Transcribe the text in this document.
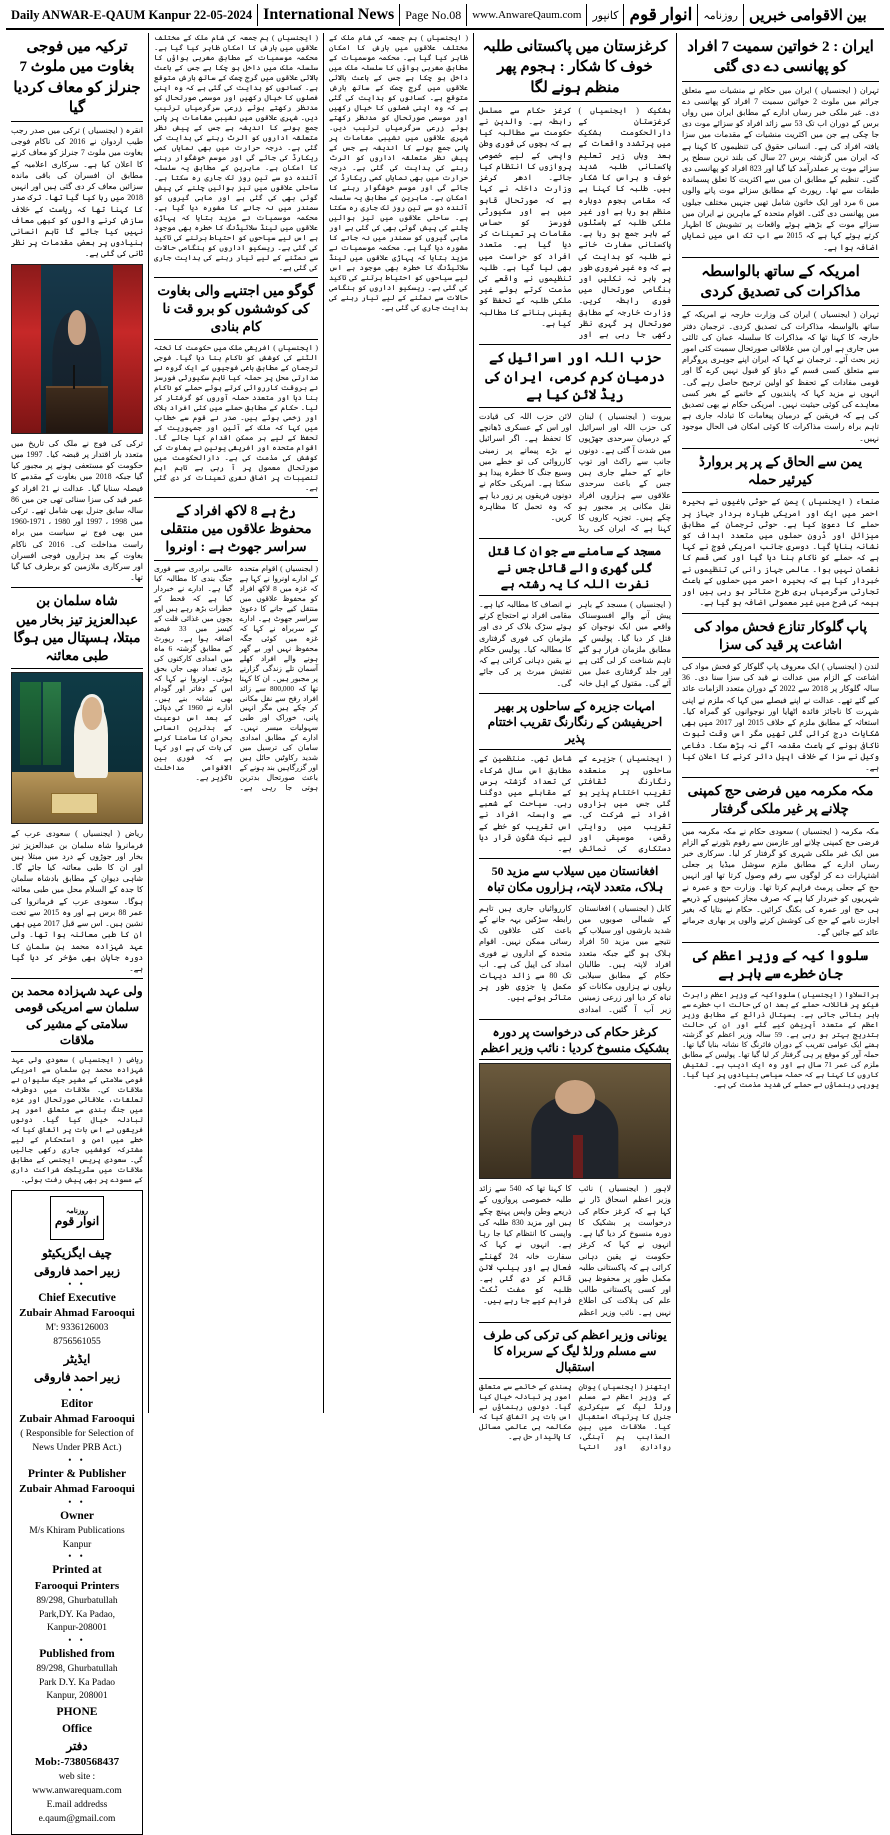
Daily ANWAR-E-QAUM Kanpur 22-05-2024 International News Page No.08	www.AnwareQaum.com	کانپور انوار قوم	روزنامہ بین الاقوامی خبریں
ایران : 2 خواتین سمیت 7 افراد کو پھانسی دے دی گئی
تہران ( ایجنسیاں ) ایران میں حکام نے منشیات سے متعلق جرائم میں ملوث 2 خواتین سمیت 7 افراد کو پھانسی دے دی۔ غیر ملکی خبر رساں ادارے کے مطابق ایران میں رواں برس کے دوران اب تک 53 سے زائد افراد کو سزائے موت دی جا چکی ہے جن میں اکثریت منشیات کے مقدمات میں سزا یافتہ افراد کی ہے۔ انسانی حقوق کی تنظیموں کا کہنا ہے کہ ایران میں گزشتہ برس 27 سال کی بلند ترین سطح پر سزائے موت پر عملدرآمد کیا گیا اور 823 افراد کو پھانسی دی گئی۔ تنظیم کے مطابق ان میں سے اکثریت کا تعلق پسماندہ طبقات سے تھا۔ رپورٹ کے مطابق سزائے موت پانے والوں میں 6 مرد اور ایک خاتون شامل تھیں جنہیں مختلف جیلوں میں پھانسی دی گئی۔ اقوام متحدہ کے ماہرین نے ایران میں سزائے موت کے بڑھتے ہوئے واقعات پر تشویش کا اظہار کرتے ہوئے کہا ہے کہ 2015 سے اب تک اس میں نمایاں اضافہ ہوا ہے۔
امریکہ کے ساتھ بالواسطہ مذاکرات کی تصدیق کردی
تہران ( ایجنسیاں ) ایران کی وزارت خارجہ نے امریکہ کے ساتھ بالواسطہ مذاکرات کی تصدیق کردی۔ ترجمان دفتر خارجہ کا کہنا تھا کہ مذاکرات کا سلسلہ عمان کی ثالثی میں جاری ہے اور ان میں علاقائی صورتحال سمیت کئی امور زیر بحث آئے۔ ترجمان نے کہا کہ ایران اپنے جوہری پروگرام سے متعلق کسی قسم کے دباؤ کو قبول نہیں کرے گا اور قومی مفادات کے تحفظ کو اولین ترجیح حاصل رہے گی۔ انہوں نے مزید کہا کہ پابندیوں کے خاتمے کے بغیر کسی معاہدے کی کوئی حیثیت نہیں۔ امریکی حکام نے بھی تصدیق کی ہے کہ فریقین کے درمیان پیغامات کا تبادلہ جاری ہے تاہم براہ راست مذاکرات کا کوئی امکان فی الحال موجود نہیں۔
یمن سے الحاق کے پر پر بروارڈ کیرئیر حملہ
صنعاء ( ایجنسیاں ) یمن کے حوثی باغیوں نے بحیرہ احمر میں ایک اور امریکی طیارہ بردار جہاز پر حملے کا دعویٰ کیا ہے۔ حوثی ترجمان کے مطابق میزائل اور ڈرون حملوں میں متعدد اہداف کو نشانہ بنایا گیا۔ دوسری جانب امریکی فوج نے کہا ہے کہ حملے کو ناکام بنا دیا گیا اور کسی قسم کا نقصان نہیں ہوا۔ عالمی جہاز رانی کی تنظیموں نے خبردار کیا ہے کہ بحیرہ احمر میں حملوں کے باعث تجارتی سرگرمیاں بری طرح متاثر ہو رہی ہیں اور بیمہ کی شرح میں غیر معمولی اضافہ ہو گیا ہے۔
پاپ گلوکار تنازع فحش مواد کی اشاعت پر قید کی سزا
لندن ( ایجنسیاں ) ایک معروف پاپ گلوکار کو فحش مواد کی اشاعت کے الزام میں عدالت نے قید کی سزا سنا دی۔ 36 سالہ گلوکار پر 2018 سے 2022 کے دوران متعدد الزامات عائد کیے گئے تھے۔ عدالت نے اپنے فیصلے میں کہا کہ ملزم نے اپنی شہرت کا ناجائز فائدہ اٹھایا اور نوجوانوں کو گمراہ کیا۔ استغاثہ کے مطابق ملزم کے خلاف 2015 اور 2017 میں بھی شکایات درج کرائی گئی تھیں مگر اس وقت ثبوت ناکافی ہونے کے باعث مقدمہ آگے نہ بڑھ سکا۔ دفاعی وکیل نے سزا کے خلاف اپیل دائر کرنے کا اعلان کیا ہے۔
مکہ مکرمہ میں فرضی حج کمپنی چلانے پر غیر ملکی گرفتار
مکہ مکرمہ ( ایجنسیاں ) سعودی حکام نے مکہ مکرمہ میں فرضی حج کمپنی چلانے اور عازمین سے رقوم بٹورنے کے الزام میں ایک غیر ملکی شہری کو گرفتار کر لیا۔ سرکاری خبر رساں ادارے کے مطابق ملزم سوشل میڈیا پر جعلی اشتہارات دے کر لوگوں سے رقم وصول کرتا تھا اور انہیں حج کے جعلی پرمٹ فراہم کرتا تھا۔ وزارت حج و عمرہ نے شہریوں کو خبردار کیا ہے کہ صرف مجاز کمپنیوں کے ذریعے ہی حج اور عمرہ کی بکنگ کرائیں۔ حکام نے بتایا کہ بغیر اجازت نامے کے حج کی کوشش کرنے والوں پر بھاری جرمانے عائد کیے جائیں گے۔
سلووا کیہ کے وزیر اعظم کی جان خطرے سے باہر ہے
براتسلاوا ( ایجنسیاں ) سلوواکیہ کے وزیر اعظم رابرٹ فیکو پر قاتلانہ حملے کے بعد ان کی حالت اب خطرے سے باہر بتائی جاتی ہے۔ ہسپتال ذرائع کے مطابق وزیر اعظم کے متعدد آپریشن کیے گئے اور ان کی حالت بتدریج بہتر ہو رہی ہے۔ 59 سالہ وزیر اعظم کو گزشتہ ہفتے ایک عوامی تقریب کے دوران فائرنگ کا نشانہ بنایا گیا تھا۔ حملہ آور کو موقع پر ہی گرفتار کر لیا گیا تھا۔ پولیس کے مطابق ملزم کی عمر 71 سال ہے اور وہ ایک ادیب ہے۔ تفتیش کاروں کا کہنا ہے کہ حملہ سیاسی بنیادوں پر کیا گیا۔ یورپی رہنماؤں نے حملے کی شدید مذمت کی ہے۔
کرغزستان میں پاکستانی طلبہ خوف کا شکار : ہجوم پھر منظم ہونے لگا
بشکیک ( ایجنسیاں ) کرغزستان کے دارالحکومت بشکیک میں پرتشدد واقعات کے بعد وہاں زیر تعلیم پاکستانی طلبہ شدید خوف و ہراس کا شکار ہیں۔ طلبہ کا کہنا ہے کہ مقامی ہجوم دوبارہ منظم ہو رہا ہے اور غیر ملکی طلبہ کے ہاسٹلوں کے باہر جمع ہو رہا ہے۔ پاکستانی سفارت خانے نے طلبہ کو ہدایت کی ہے کہ وہ غیر ضروری طور پر باہر نہ نکلیں اور ہنگامی صورتحال میں فوری رابطہ کریں۔ وزارت خارجہ کے مطابق صورتحال پر گہری نظر رکھی جا رہی ہے اور کرغز حکام سے مسلسل رابطہ ہے۔ والدین نے حکومت سے مطالبہ کیا ہے کہ بچوں کی فوری وطن واپسی کے لیے خصوصی پروازوں کا انتظام کیا جائے۔ ادھر کرغز وزارت داخلہ نے کہا ہے کہ صورتحال قابو میں ہے اور سکیورٹی فورسز کو حساس مقامات پر تعینات کر دیا گیا ہے۔ متعدد افراد کو حراست میں بھی لیا گیا ہے۔ طلبہ تنظیموں نے واقعے کی مذمت کرتے ہوئے غیر ملکی طلبہ کے تحفظ کو یقینی بنانے کا مطالبہ کیا ہے۔
حزب اللہ اور اسرائیل کے درمیان کرم کرمی، ایران کی ریڈ لائن کیا ہے
بیروت ( ایجنسیاں ) لبنان کی حزب اللہ اور اسرائیل کے درمیان سرحدی جھڑپوں میں شدت آ گئی ہے۔ دونوں جانب سے راکٹ اور توپ خانے کے حملے جاری ہیں جس کے باعث سرحدی علاقوں سے ہزاروں افراد نقل مکانی پر مجبور ہو چکے ہیں۔ تجزیہ کاروں کا کہنا ہے کہ ایران کی ریڈ لائن حزب اللہ کی قیادت اور اس کے عسکری ڈھانچے کا تحفظ ہے۔ اگر اسرائیل نے بڑے پیمانے پر زمینی کارروائی کی تو خطے میں وسیع جنگ کا خطرہ پیدا ہو سکتا ہے۔ امریکی حکام نے دونوں فریقوں پر زور دیا ہے کہ وہ تحمل کا مظاہرہ کریں۔
مسجد کے سامنے سے جوان کا قتل گلی گھری والے قاتل جس نے نفرت اللہ کا یہ رشتہ ہے
( ایجنسیاں ) مسجد کے باہر پیش آنے والے افسوسناک واقعے میں ایک نوجوان کو قتل کر دیا گیا۔ پولیس کے مطابق ملزمان فرار ہو گئے تاہم شناخت کر لی گئی ہے اور جلد گرفتاری عمل میں آئے گی۔ مقتول کے اہل خانہ نے انصاف کا مطالبہ کیا ہے۔ مقامی افراد نے احتجاج کرتے ہوئے سڑک بلاک کر دی اور ملزمان کی فوری گرفتاری کا مطالبہ کیا۔ پولیس حکام نے یقین دہانی کرائی ہے کہ تفتیش میرٹ پر کی جائے گی۔
امہات جزیرہ کے ساحلوں پر بھیر احریفیشن کے رنگارنگ تقریب اختتام پذیر
( ایجنسیاں ) جزیرے کے ساحلوں پر منعقدہ رنگارنگ ثقافتی تقریب اختتام پذیر ہو گئی جس میں ہزاروں افراد نے شرکت کی۔ تقریب میں روایتی رقص، موسیقی اور دستکاری کی نمائش شامل تھی۔ منتظمین کے مطابق اس سال شرکاء کی تعداد گزشتہ برس کے مقابلے میں دوگنا رہی۔ سیاحت کے شعبے سے وابستہ افراد نے اس تقریب کو خطے کے لیے نیک شگون قرار دیا ہے۔
افغانستان میں سیلاب سے مزید 50 ہلاک، متعدد لاپتہ، ہزاروں مکان تباہ
کابل ( ایجنسیاں ) افغانستان کے شمالی صوبوں میں شدید بارشوں اور سیلاب کے نتیجے میں مزید 50 افراد ہلاک ہو گئے جبکہ متعدد افراد لاپتہ ہیں۔ طالبان حکام کے مطابق سیلابی ریلوں نے ہزاروں مکانات کو تباہ کر دیا اور زرعی زمینیں زیر آب آ گئیں۔ امدادی کارروائیاں جاری ہیں تاہم رابطہ سڑکیں بہہ جانے کے باعث کئی علاقوں تک رسائی ممکن نہیں۔ اقوام متحدہ کے اداروں نے فوری امداد کی اپیل کی ہے۔ اب تک 80 سے زائد دیہات مکمل یا جزوی طور پر متاثر ہوئے ہیں۔
کرغز حکام کی درخواست پر دورہ بشکیک منسوخ کردیا : نائب وزیر اعظم
لاہور ( ایجنسیاں ) نائب وزیر اعظم اسحاق ڈار نے کہا ہے کہ کرغز حکام کی درخواست پر بشکیک کا دورہ منسوخ کر دیا گیا ہے۔ انہوں نے کہا کہ کرغز حکومت نے یقین دہانی کرائی ہے کہ پاکستانی طلبہ مکمل طور پر محفوظ ہیں اور کسی پاکستانی طالب علم کی ہلاکت کی اطلاع نہیں ہے۔ نائب وزیر اعظم کا کہنا تھا کہ 540 سے زائد طلبہ خصوصی پروازوں کے ذریعے وطن واپس پہنچ چکے ہیں اور مزید 830 طلبہ کی واپسی کا انتظام کیا جا رہا ہے۔ انہوں نے کہا کہ سفارت خانہ 24 گھنٹے فعال ہے اور ہیلپ لائن قائم کر دی گئی ہے۔ طلبہ کو مفت ٹکٹ فراہم کیے جا رہے ہیں۔
یونانی وزیر اعظم کی ترکی کی طرف سے مسلم ورلڈ لیگ کے سربراہ کا استقبال
ایتھنز ( ایجنسیاں ) یونان کے وزیر اعظم نے مسلم ورلڈ لیگ کے سیکرٹری جنرل کا پرتپاک استقبال کیا۔ ملاقات میں بین المذاہب ہم آہنگی، رواداری اور انتہا پسندی کے خاتمے سے متعلق امور پر تبادلہ خیال کیا گیا۔ دونوں رہنماؤں نے اس بات پر اتفاق کیا کہ مکالمہ ہی عالمی مسائل کا پائیدار حل ہے۔
( ایجنسیاں ) ہم جمعہ کی شام ملک کے مختلف علاقوں میں بارش کا امکان ظاہر کیا گیا ہے۔ محکمہ موسمیات کے مطابق مغربی ہواؤں کا سلسلہ ملک میں داخل ہو چکا ہے جس کے باعث بالائی علاقوں میں گرج چمک کے ساتھ بارش متوقع ہے۔ کسانوں کو ہدایت کی گئی ہے کہ وہ اپنی فصلوں کا خیال رکھیں اور موسمی صورتحال کو مدنظر رکھتے ہوئے زرعی سرگرمیاں ترتیب دیں۔ شہری علاقوں میں نشیبی مقامات پر پانی جمع ہونے کا اندیشہ ہے جس کے پیش نظر متعلقہ اداروں کو الرٹ رہنے کی ہدایت کی گئی ہے۔ درجہ حرارت میں بھی نمایاں کمی ریکارڈ کی جائے گی اور موسم خوشگوار رہنے کا امکان ہے۔ ماہرین کے مطابق یہ سلسلہ آئندہ دو سے تین روز تک جاری رہ سکتا ہے۔ ساحلی علاقوں میں تیز ہوائیں چلنے کی پیش گوئی بھی کی گئی ہے اور ماہی گیروں کو سمندر میں نہ جانے کا مشورہ دیا گیا ہے۔ محکمہ موسمیات نے مزید بتایا کہ پہاڑی علاقوں میں لینڈ سلائیڈنگ کا خطرہ بھی موجود ہے اس لیے سیاحوں کو احتیاط برتنے کی تاکید کی گئی ہے۔ ریسکیو اداروں کو ہنگامی حالات سے نمٹنے کے لیے تیار رہنے کی ہدایت جاری کی گئی ہے۔
( ایجنسیاں ) ہم جمعہ کی شام ملک کے مختلف علاقوں میں بارش کا امکان ظاہر کیا گیا ہے۔ محکمہ موسمیات کے مطابق مغربی ہواؤں کا سلسلہ ملک میں داخل ہو چکا ہے جس کے باعث بالائی علاقوں میں گرج چمک کے ساتھ بارش متوقع ہے۔ کسانوں کو ہدایت کی گئی ہے کہ وہ اپنی فصلوں کا خیال رکھیں اور موسمی صورتحال کو مدنظر رکھتے ہوئے زرعی سرگرمیاں ترتیب دیں۔ شہری علاقوں میں نشیبی مقامات پر پانی جمع ہونے کا اندیشہ ہے جس کے پیش نظر متعلقہ اداروں کو الرٹ رہنے کی ہدایت کی گئی ہے۔ درجہ حرارت میں بھی نمایاں کمی ریکارڈ کی جائے گی اور موسم خوشگوار رہنے کا امکان ہے۔ ماہرین کے مطابق یہ سلسلہ آئندہ دو سے تین روز تک جاری رہ سکتا ہے۔ ساحلی علاقوں میں تیز ہوائیں چلنے کی پیش گوئی بھی کی گئی ہے اور ماہی گیروں کو سمندر میں نہ جانے کا مشورہ دیا گیا ہے۔ محکمہ موسمیات نے مزید بتایا کہ پہاڑی علاقوں میں لینڈ سلائیڈنگ کا خطرہ بھی موجود ہے اس لیے سیاحوں کو احتیاط برتنے کی تاکید کی گئی ہے۔ ریسکیو اداروں کو ہنگامی حالات سے نمٹنے کے لیے تیار رہنے کی ہدایت جاری کی گئی ہے۔
گوگو میں اجتنہے والی بغاوت کی کوششوں کو برو قت نا کام بنادی
( ایجنسیاں ) افریقی ملک میں حکومت کا تختہ الٹنے کی کوشش کو ناکام بنا دیا گیا۔ فوجی ترجمان کے مطابق باغی فوجیوں کے ایک گروہ نے صدارتی محل پر حملہ کیا تاہم سکیورٹی فورسز نے بروقت کارروائی کرتے ہوئے حملے کو ناکام بنا دیا اور متعدد حملہ آوروں کو گرفتار کر لیا۔ حکام کے مطابق حملے میں کئی افراد ہلاک اور زخمی ہوئے ہیں۔ صدر نے قوم سے خطاب میں کہا کہ ملک کے آئین اور جمہوریت کے تحفظ کے لیے ہر ممکن اقدام کیا جائے گا۔ اقوام متحدہ اور افریقی یونین نے بغاوت کی کوشش کی مذمت کی ہے۔ دارالحکومت میں صورتحال معمول پر آ رہی ہے تاہم اہم تنصیبات پر اضافی نفری تعینات کر دی گئی ہے۔
رخ ہے 8 لاکھ افراد کے محفوظ علاقوں میں منتقلی سراسر جھوٹ ہے : اونروا
( ایجنسیاں ) اقوام متحدہ کے ادارے اونروا نے کہا ہے کہ غزہ میں 8 لاکھ افراد کو محفوظ علاقوں میں منتقل کیے جانے کا دعویٰ سراسر جھوٹ ہے۔ ادارے کے سربراہ نے کہا کہ غزہ میں کوئی جگہ محفوظ نہیں اور بے گھر ہونے والے افراد کھلے آسمان تلے زندگی گزارنے پر مجبور ہیں۔ ان کا کہنا تھا کہ 800,000 سے زائد افراد رفح سے نقل مکانی کر چکے ہیں مگر انہیں پانی، خوراک اور طبی سہولیات میسر نہیں۔ ادارے کے مطابق امدادی سامان کی ترسیل میں شدید رکاوٹیں حائل ہیں اور گزرگاہیں بند ہونے کے باعث صورتحال بدترین ہوتی جا رہی ہے۔ عالمی برادری سے فوری جنگ بندی کا مطالبہ کیا گیا ہے۔ ادارے نے خبردار کیا ہے کہ قحط کے خطرات بڑھ رہے ہیں اور بچوں میں غذائی قلت کے کیسز میں 33 فیصد اضافہ ہوا ہے۔ رپورٹ کے مطابق گزشتہ 6 ماہ میں امدادی کارکنوں کی بڑی تعداد بھی جاں بحق ہوئی۔ اونروا نے کہا کہ اس کے دفاتر اور گودام بھی نشانہ بنے ہیں۔ ادارے نے 1960 کی دہائی کے بعد اس نوعیت کے بدترین انسانی بحران کا سامنا کرنے کی بات کی ہے اور کہا ہے کہ فوری بین الاقوامی مداخلت ناگزیر ہے۔
ترکیہ میں فوجی بغاوت میں ملوث 7 جنرلز کو معاف کردیا گیا
انقرہ ( ایجنسیاں ) ترکی میں صدر رجب طیب اردوان نے 2016 کی ناکام فوجی بغاوت میں ملوث 7 جنرلز کو معاف کرنے کا اعلان کیا ہے۔ سرکاری اعلامیہ کے مطابق ان افسران کی باقی ماندہ سزائیں معاف کر دی گئی ہیں اور انہیں 2018 میں رہا کیا گیا تھا۔ ترک صدر کا کہنا تھا کہ ریاست کے خلاف سازش کرنے والوں کو کبھی معاف نہیں کیا جائے گا تاہم انسانی بنیادوں پر بعض مقدمات پر نظر ثانی کی گئی ہے۔
ترکی کی فوج نے ملک کی تاریخ میں متعدد بار اقتدار پر قبضہ کیا۔ 1997 میں حکومت کو مستعفی ہونے پر مجبور کیا گیا جبکہ 2018 میں بغاوت کے مقدمے کا فیصلہ سنایا گیا۔ عدالت نے 21 افراد کو عمر قید کی سزا سنائی تھی جن میں 86 سالہ سابق جنرل بھی شامل تھے۔ ترکی میں 1998 ، 1997 اور 1980 ، 1971-1960 میں بھی فوج نے سیاست میں براہ راست مداخلت کی۔ 2016 کی ناکام بغاوت کے بعد ہزاروں فوجی افسران اور سرکاری ملازمین کو برطرف کیا گیا تھا۔
شاہ سلمان بن عبدالعزیز تیز بخار میں مبتلا، ہسپتال میں ہوگا طبی معائنہ
ریاض ( ایجنسیاں ) سعودی عرب کے فرمانروا شاہ سلمان بن عبدالعزیز تیز بخار اور جوڑوں کے درد میں مبتلا ہیں اور ان کا طبی معائنہ کیا جائے گا۔ شاہی دیوان کے مطابق بادشاہ سلمان کا جدہ کے السلام محل میں طبی معائنہ ہوگا۔ سعودی عرب کے فرمانروا کی عمر 88 برس ہے اور وہ 2015 سے تخت نشین ہیں۔ اس سے قبل 2017 میں بھی ان کا طبی معائنہ ہوا تھا۔ ولی عہد شہزادہ محمد بن سلمان کا دورہ جاپان بھی مؤخر کر دیا گیا ہے۔
ولی عہد شہزادہ محمد بن سلمان سے امریکی قومی سلامتی کے مشیر کی ملاقات
ریاض ( ایجنسیاں ) سعودی ولی عہد شہزادہ محمد بن سلمان سے امریکی قومی سلامتی کے مشیر جیک سلیوان نے ملاقات کی۔ ملاقات میں دوطرفہ تعلقات، علاقائی صورتحال اور غزہ میں جنگ بندی سے متعلق امور پر تبادلہ خیال کیا گیا۔ دونوں فریقوں نے اس بات پر اتفاق کیا کہ خطے میں امن و استحکام کے لیے مشترکہ کوششیں جاری رکھی جائیں گی۔ سعودی پریس ایجنسی کے مطابق ملاقات میں سٹریٹجک شراکت داری کے مسودے پر بھی پیش رفت ہوئی۔
روزنامہ
انوار قوم
چیف ایگزیکیٹو
زبیر احمد فاروقی
• •
Chief Executive
Zubair Ahmad Farooqui
M': 9336126003
8756561055
ایڈیٹر
زبیر احمد فاروقی
• •
Editor
Zubair Ahmad Farooqui
( Responsible for Selection of News Under PRB Act.)
• •
Printer & Publisher
Zubair Ahmad Farooqui
• •
Owner
M/s Khiram Publications
Kanpur
• •
Printed at
Farooqui Printers
89/298, Ghurbatullah
Park,DY. Ka Padao,
Kanpur-208001
• •
Published from
89/298, Ghurbatullah
Park D.Y. Ka Padao
Kanpur, 208001
PHONE
Office
دفتر
Mob:-7380568437
web site :
www.anwarequam.com
E.mail addredss
e.qaum@gmail.com
